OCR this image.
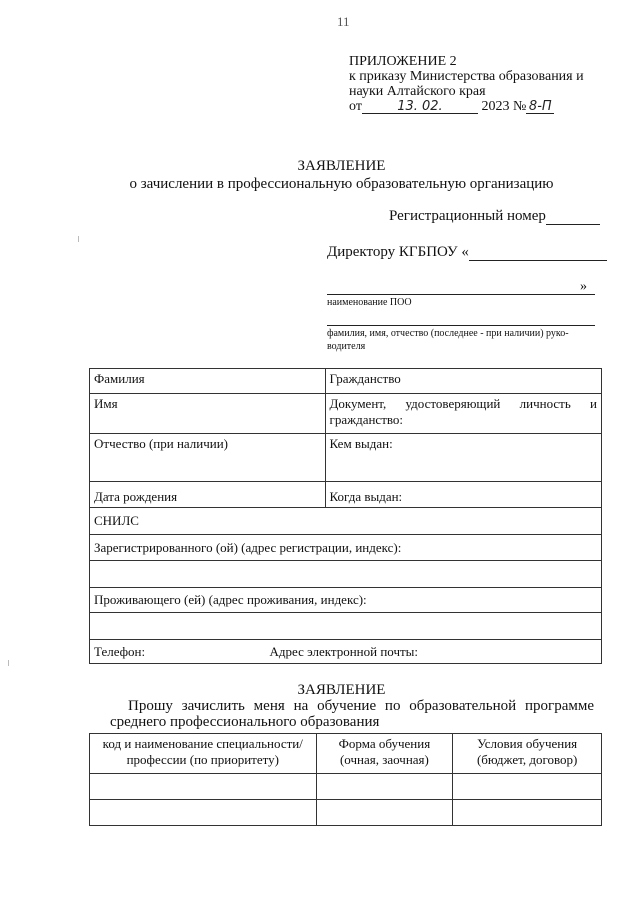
11
ПРИЛОЖЕНИЕ 2
к приказу Министерства образования и
науки Алтайского края
от	13. 02.	2023 № 8-П
ЗАЯВЛЕНИЕ
о зачислении в профессиональную образовательную организацию
Регистрационный номер
Директору КГБПОУ «
»
наименование ПОО
фамилия, имя, отчество (последнее - при наличии) руко-
водителя
Фамилия	Гражданство
Имя	Документ, удостоверяющий личность и гражданство:
Отчество (при наличии)	Кем выдан:
Дата рождения	Когда выдан:
СНИЛС	
Зарегистрированного (ой) (адрес регистрации, индекс):	

Проживающего (ей) (адрес проживания, индекс):	

Телефон: Адрес электронной почты:	
ЗАЯВЛЕНИЕ
Прошу зачислить меня на обучение по образовательной программе среднего профессионального образования
код и наименование специальности/ профессии (по приоритету)	Форма обучения (очная, заочная)	Условия обучения (бюджет, договор)
